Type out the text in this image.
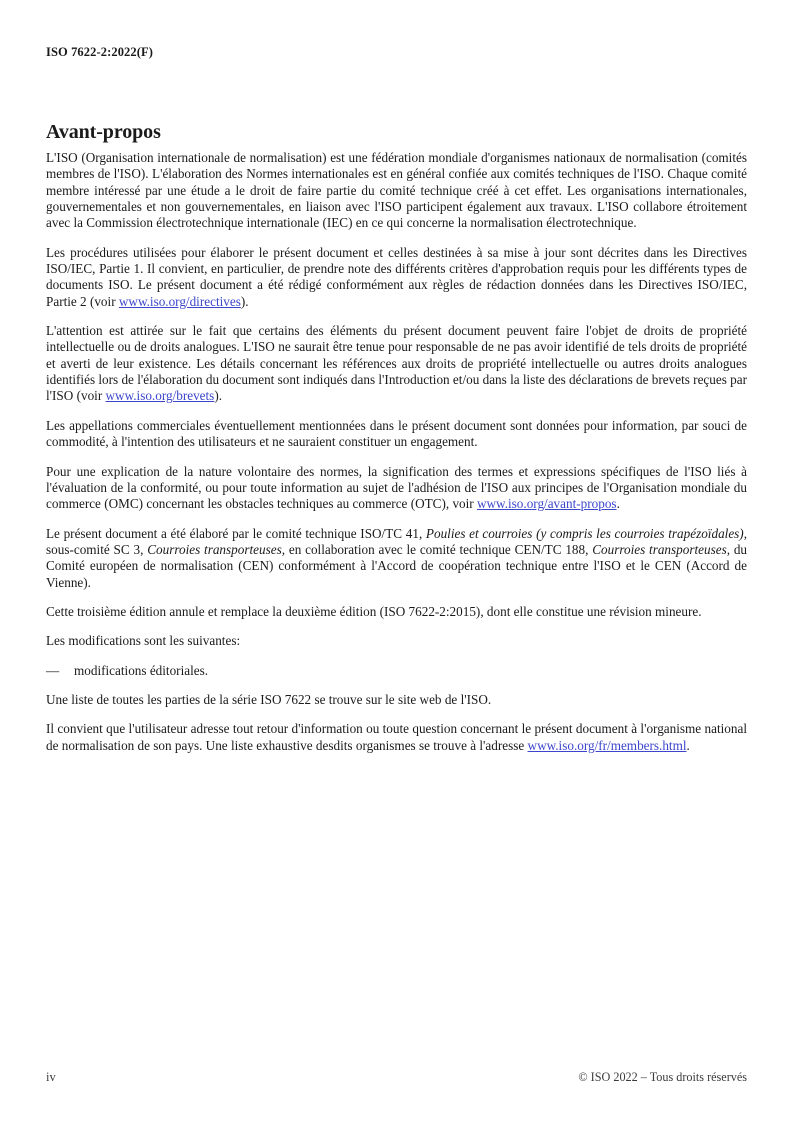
ISO 7622-2:2022(F)
Avant-propos

L'ISO (Organisation internationale de normalisation) est une fédération mondiale d'organismes nationaux de normalisation (comités membres de l'ISO). L'élaboration des Normes internationales est en général confiée aux comités techniques de l'ISO. Chaque comité membre intéressé par une étude a le droit de faire partie du comité technique créé à cet effet. Les organisations internationales, gouvernementales et non gouvernementales, en liaison avec l'ISO participent également aux travaux. L'ISO collabore étroitement avec la Commission électrotechnique internationale (IEC) en ce qui concerne la normalisation électrotechnique.

Les procédures utilisées pour élaborer le présent document et celles destinées à sa mise à jour sont décrites dans les Directives ISO/IEC, Partie 1. Il convient, en particulier, de prendre note des différents critères d'approbation requis pour les différents types de documents ISO. Le présent document a été rédigé conformément aux règles de rédaction données dans les Directives ISO/IEC, Partie 2 (voir www.iso.org/directives).

L'attention est attirée sur le fait que certains des éléments du présent document peuvent faire l'objet de droits de propriété intellectuelle ou de droits analogues. L'ISO ne saurait être tenue pour responsable de ne pas avoir identifié de tels droits de propriété et averti de leur existence. Les détails concernant les références aux droits de propriété intellectuelle ou autres droits analogues identifiés lors de l'élaboration du document sont indiqués dans l'Introduction et/ou dans la liste des déclarations de brevets reçues par l'ISO (voir www.iso.org/brevets).

Les appellations commerciales éventuellement mentionnées dans le présent document sont données pour information, par souci de commodité, à l'intention des utilisateurs et ne sauraient constituer un engagement.

Pour une explication de la nature volontaire des normes, la signification des termes et expressions spécifiques de l'ISO liés à l'évaluation de la conformité, ou pour toute information au sujet de l'adhésion de l'ISO aux principes de l'Organisation mondiale du commerce (OMC) concernant les obstacles techniques au commerce (OTC), voir www.iso.org/avant-propos.

Le présent document a été élaboré par le comité technique ISO/TC 41, Poulies et courroies (y compris les courroies trapézoïdales), sous-comité SC 3, Courroies transporteuses, en collaboration avec le comité technique CEN/TC 188, Courroies transporteuses, du Comité européen de normalisation (CEN) conformément à l'Accord de coopération technique entre l'ISO et le CEN (Accord de Vienne).

Cette troisième édition annule et remplace la deuxième édition (ISO 7622-2:2015), dont elle constitue une révision mineure.

Les modifications sont les suivantes:

—	modifications éditoriales.

Une liste de toutes les parties de la série ISO 7622 se trouve sur le site web de l'ISO.

Il convient que l'utilisateur adresse tout retour d'information ou toute question concernant le présent document à l'organisme national de normalisation de son pays. Une liste exhaustive desdits organismes se trouve à l'adresse www.iso.org/fr/members.html.

iv	© ISO 2022 – Tous droits réservés
